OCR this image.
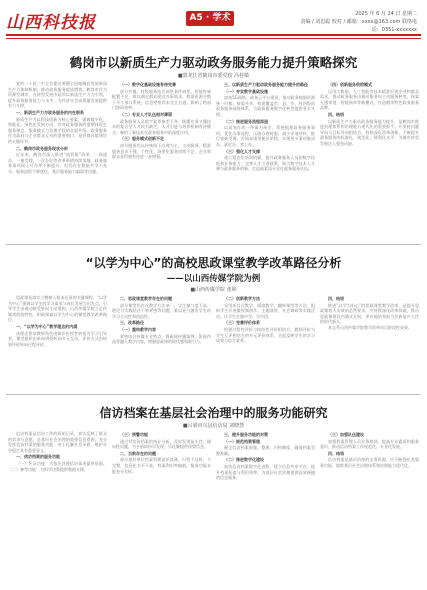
山西科技报	A5 · 学术	2025 年 6 月 24 日 星期二
责编 / 刘思聪 校对 / 邮箱：xxxx@163.com 联络电话：0351-xxxxxxx
鹤岗市以新质生产力驱动政务服务能力提升策略探究
■黑龙江省鹤岗市委党校 冯桂敏

党的二十届三中全会提出要健全因地制宜发展新质生产力体制机制，推动政务服务提质增效。鹤岗市作为资源型城市，在转型发展中亟须以新质生产力为引领，提升政务服务能力与水平，为经济社会高质量发展提供有力支撑。

一、新质生产力与政务服务的内在联系

新质生产力以科技创新为核心要素，强调数字化、智能化、绿色化发展方向，其对政务服务的重塑体现在服务理念、服务模式与治理手段的全面升级。政务服务作为政府与企业群众互动的重要窗口，是营商环境建设的关键环节。

二、鹤岗市政务服务现状分析

近年来，鹤岗市深入推进“放管服”改革，一网通办、一窗受理、一次办好等改革举措持续落地，政务服务事项网上可办率不断提升，但仍存在数据共享不充分、服务流程不够优化、基层服务能力偏弱等问题。

（一）数字化基础设施有待完善

部分乡镇、村级服务站点网络条件较差，智能终端配置不足，难以满足群众就近办事需求。数据资源分散于多个部门系统，信息壁垒尚未完全打通，影响了跨部门协同效率。

（二）专业人才队伍相对薄弱

政务服务人员数字素养参差不齐，既懂业务又懂技术的复合型人才较为缺乏，人才引进与培养机制有待健全，制约了新技术在政务服务中的深度应用。

（三）服务模式创新不足

部分服务仍以传统线下办理为主，主动服务、精准服务意识不强，个性化、场景化服务供给不足，企业和群众获得感有待进一步增强。

三、以新质生产力驱动政务服务能力提升的路径

（一）夯实数字基础设施

加快5G网络、政务云平台建设，推动政务数据资源统一归集、按需共享，构建覆盖市、县、乡、村四级的政务服务网络体系，为政务服务数字化转型提供坚实支撑。

（二）推进服务流程再造

以高效办成一件事为牵引，系统梳理政务服务事项，优化办事流程，压缩办理时限，减少申请材料，推行容缺受理、告知承诺等便民举措，实现更多事项集成办、就近办、掌上办。

（三）强化人才支撑

建立常态化培训机制，提升政务服务人员的数字技能和业务能力；完善人才引进政策，吸引数字技术人才参与政务服务创新，打造高素质专业化政务服务队伍。

（四）创新服务供给模式

运用大数据、人工智能等技术精准识别企业和群众需求，推动政务服务由被动服务向主动服务转变，探索无感审批、智能预审等新模式，打造鹤岗特色政务服务品牌。

四、结语

以新质生产力驱动政务服务能力提升，是鹤岗市推进治理体系和治理能力现代化的重要抓手。应坚持问题导向与目标导向相结合，持续深化改革创新，不断提升政务服务的标准化、规范化、便利化水平，为城市转型发展注入强劲动能。

“以学为中心”的高校思政课堂教学改革路径分析
——以山西传媒学院为例
■山西传媒学院 张婷

思政课是落实立德树人根本任务的关键课程。“以学为中心”强调以学生的学习需求与成长发展为出发点，引导学生由被动接受转向主动建构。山西传媒学院立足传媒类院校特色，积极探索以学为中心的课堂教学改革路径。

一、“以学为中心”教学理念的内涵

该理念要求教师角色由知识传授者转变为学习引导者，课堂组织由单向讲授转向多元互动，评价方式由结果评价转向过程评价。

二、思政课堂教学存在的问题

部分课堂仍存在教学方法单一、学生参与度不高、理论与实践结合不够紧密等问题，难以充分激发学生的学习主动性和创造性。

三、改革路径

（一）重构教学内容

紧密结合传媒专业特点，将新闻传播案例、影视作品等融入教学内容，增强思政课的时代感和吸引力。

（二）创新教学方法

采用项目式教学、情境教学、翻转课堂等方法，组织学生开展微视频创作、主题演讲、社会调研等实践活动，让学生在做中学、学中悟。

（三）完善评价体系

构建过程性评价与终结性评价相结合、教师评价与学生互评相结合的多元评价体系，全面反映学生的学习成效与综合素养。

四、结语

推进“以学为中心”的思政课堂教学改革，是提升思政课育人实效的必然要求。应持续深化改革探索，推动思政课建设内涵式发展，更好地培养担当民族复兴大任的时代新人。

本文系山西传媒学院教学改革项目阶段性成果。

信访档案在基层社会治理中的服务功能研究
■吕梁市兴县信访局 刘晓慧

信访档案是信访工作的原始记录，真实反映了群众的诉求与意愿，是基层社会治理的重要信息资源。充分发挥信访档案的服务功能，对于化解社会矛盾、维护社会稳定具有重要意义。

一、信访档案的服务功能

（一）凭证功能：为依法处理信访事项提供依据。（二）参考功能：为科学决策提供数据支撑。

（三）预警功能

通过对信访档案的统计分析，及时发现苗头性、倾向性问题，为矛盾纠纷早发现、早化解提供预警信息。

二、当前存在的问题

部分基层单位档案管理意识淡薄，归档不及时、不完整，信息化水平不高，档案利用率偏低，服务功能未能充分发挥。

三、提升服务功能的对策

（一）规范档案管理

健全信访档案收集、整理、归档制度，确保档案完整准确。

（二）推进数字化建设

加快信访档案数字化进程，建立信息共享平台，提升档案检索与利用效率，为基层社会治理提供高效便捷的信息服务。

（三）加强队伍建设

加强档案管理人员业务培训，提高专业素质和服务意识，推动信访档案工作规范化、专业化发展。

四、结语

信访档案是基层治理的宝贵资源，应不断强化其服务功能，助推基层社会治理体系和治理能力现代化。
